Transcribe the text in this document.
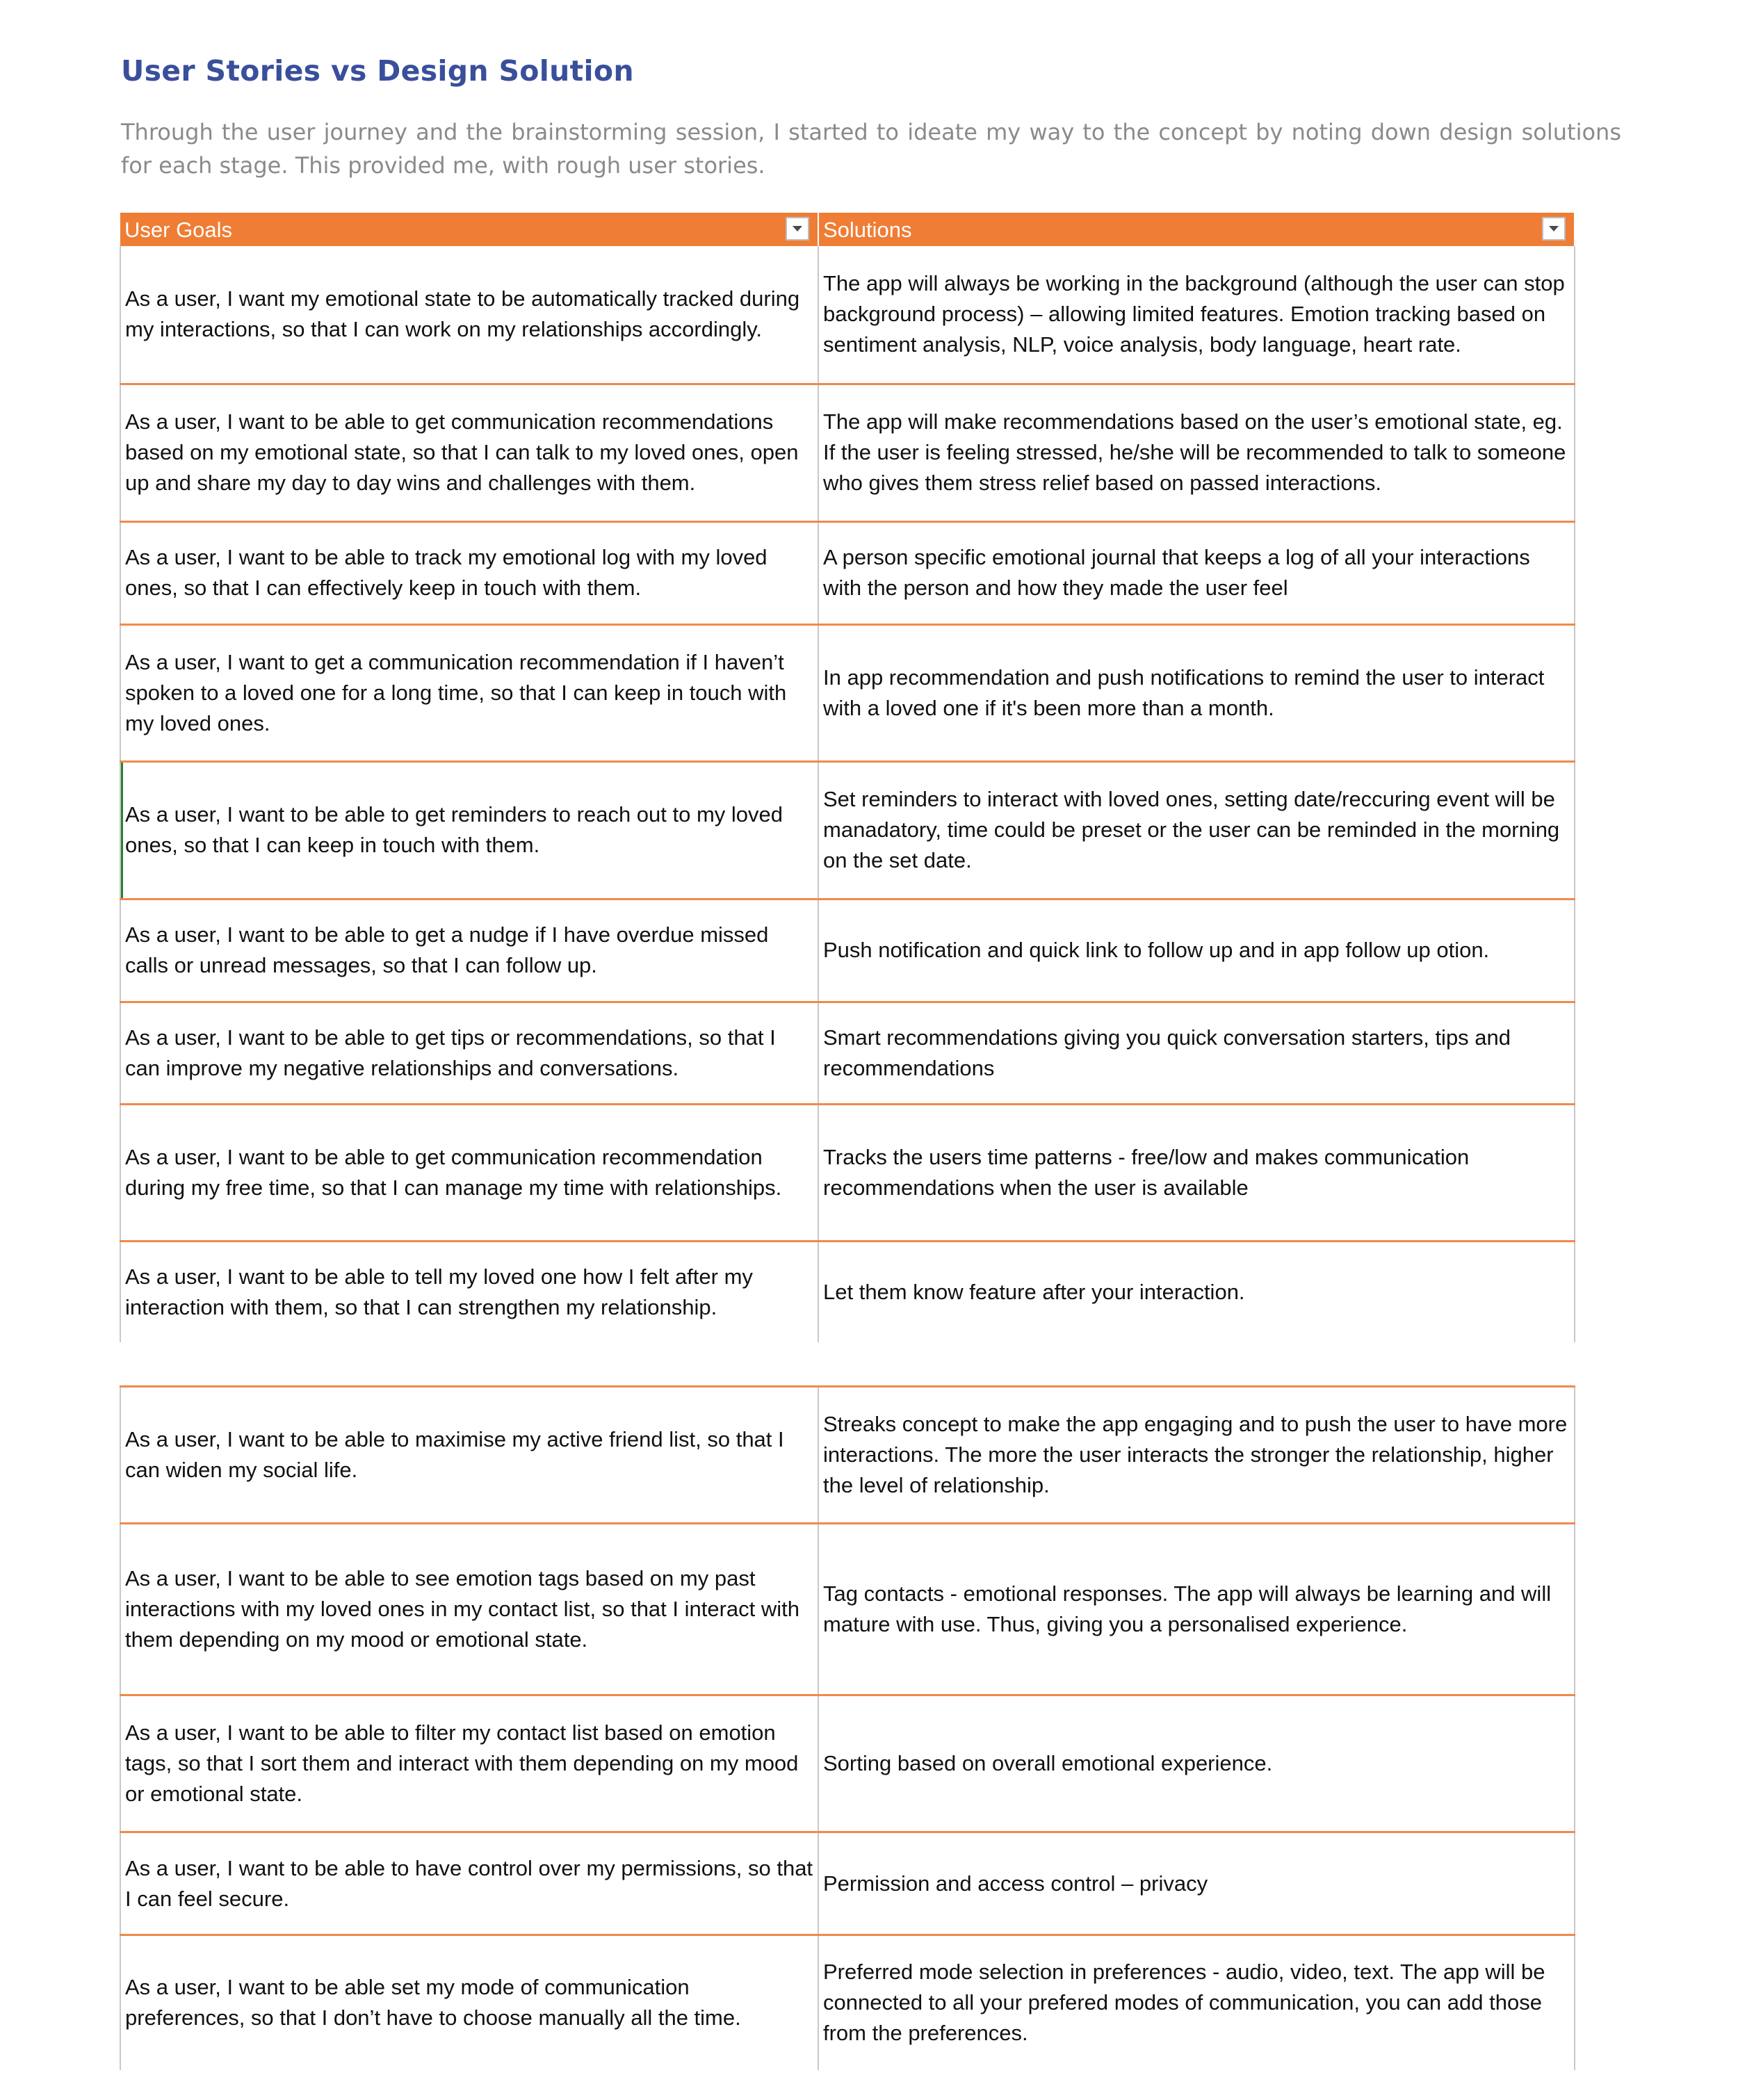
User Stories vs Design Solution

Through the user journey and the brainstorming session, I started to ideate my way to the concept by noting down design solutions for each stage. This provided me, with rough user stories.

User Goals	Solutions

As a user, I want my emotional state to be automatically tracked during my interactions, so that I can work on my relationships accordingly.	The app will always be working in the background (although the user can stop background process) – allowing limited features. Emotion tracking based on sentiment analysis, NLP, voice analysis, body language, heart rate.
As a user, I want to be able to get communication recommendations based on my emotional state, so that I can talk to my loved ones, open up and share my day to day wins and challenges with them.	The app will make recommendations based on the user’s emotional state, eg. If the user is feeling stressed, he/she will be recommended to talk to someone who gives them stress relief based on passed interactions.
As a user, I want to be able to track my emotional log with my loved ones, so that I can effectively keep in touch with them.	A person specific emotional journal that keeps a log of all your interactions with the person and how they made the user feel
As a user, I want to get a communication recommendation if I haven’t spoken to a loved one for a long time, so that I can keep in touch with my loved ones.	In app recommendation and push notifications to remind the user to interact with a loved one if it's been more than a month.
As a user, I want to be able to get reminders to reach out to my loved ones, so that I can keep in touch with them.	Set reminders to interact with loved ones, setting date/reccuring event will be manadatory, time could be preset or the user can be reminded in the morning on the set date.
As a user, I want to be able to get a nudge if I have overdue missed calls or unread messages, so that I can follow up.	Push notification and quick link to follow up and in app follow up otion.
As a user, I want to be able to get tips or recommendations, so that I can improve my negative relationships and conversations.	Smart recommendations giving you quick conversation starters, tips and recommendations
As a user, I want to be able to get communication recommendation during my free time, so that I can manage my time with relationships.	Tracks the users time patterns - free/low and makes communication recommendations when the user is available
As a user, I want to be able to tell my loved one how I felt after my interaction with them, so that I can strengthen my relationship.	Let them know feature after your interaction.
As a user, I want to be able to maximise my active friend list, so that I can widen my social life.	Streaks concept to make the app engaging and to push the user to have more interactions. The more the user interacts the stronger the relationship, higher the level of relationship.
As a user, I want to be able to see emotion tags based on my past interactions with my loved ones in my contact list, so that I interact with them depending on my mood or emotional state.	Tag contacts - emotional responses. The app will always be learning and will mature with use. Thus, giving you a personalised experience.
As a user, I want to be able to filter my contact list based on emotion tags, so that I sort them and interact with them depending on my mood or emotional state.	Sorting based on overall emotional experience.
As a user, I want to be able to have control over my permissions, so that I can feel secure.	Permission and access control – privacy
As a user, I want to be able set my mode of communication preferences, so that I don’t have to choose manually all the time.	Preferred mode selection in preferences - audio, video, text. The app will be connected to all your prefered modes of communication, you can add those from the preferences.
